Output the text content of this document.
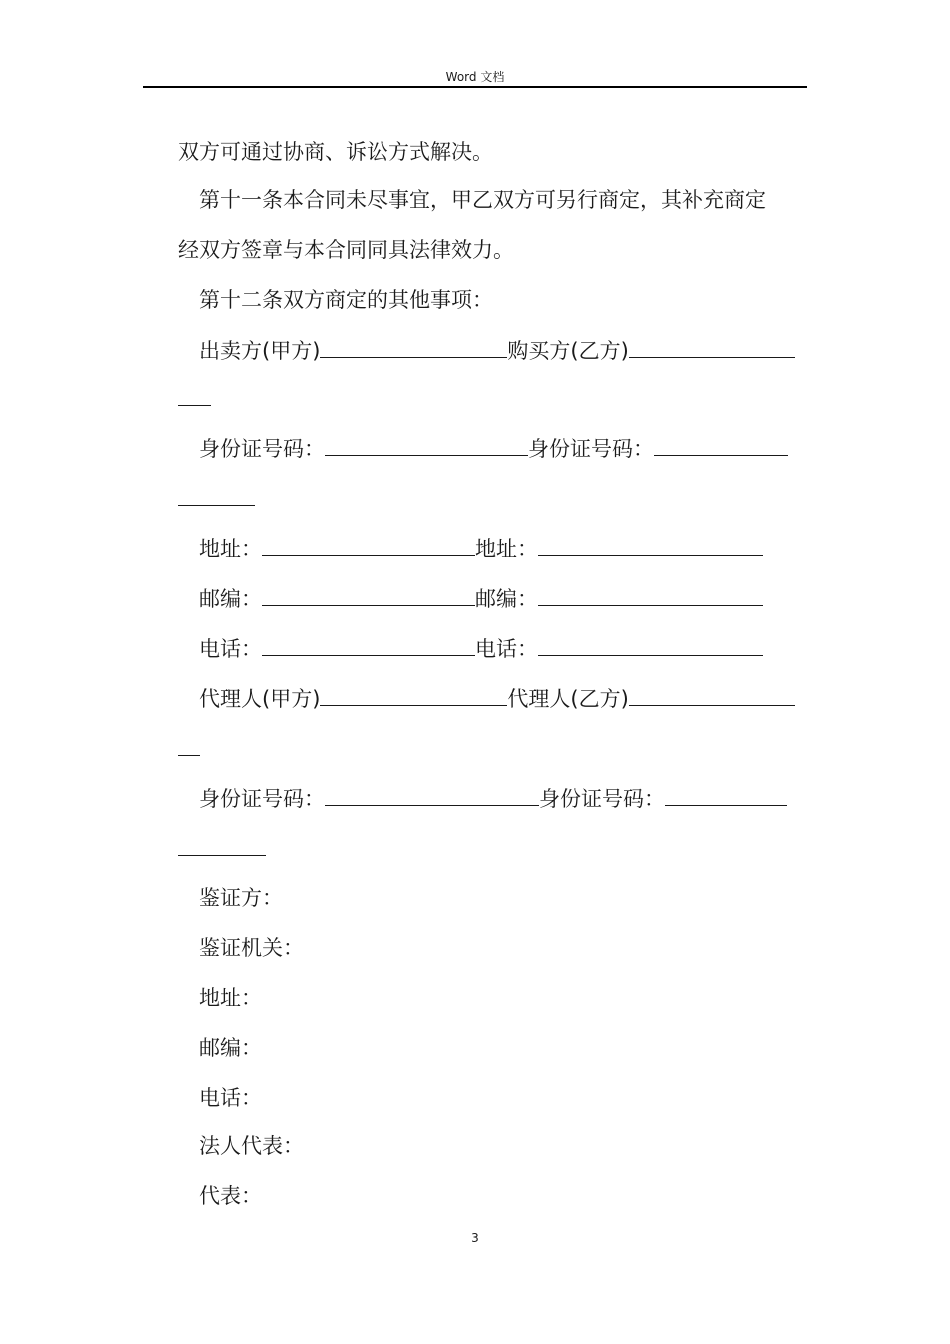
Word 文档
双方可通过协商、诉讼方式解决。
第十一条本合同未尽事宜，甲乙双方可另行商定，其补充商定
经双方签章与本合同同具法律效力。
第十二条双方商定的其他事项：
出卖方(甲方)	购买方(乙方)
身份证号码：	身份证号码：
地址：	地址：
邮编：	邮编：
电话：	电话：
代理人(甲方)	代理人(乙方)
身份证号码：	身份证号码：
鉴证方：
鉴证机关：
地址：
邮编：
电话：
法人代表：
代表：
3
